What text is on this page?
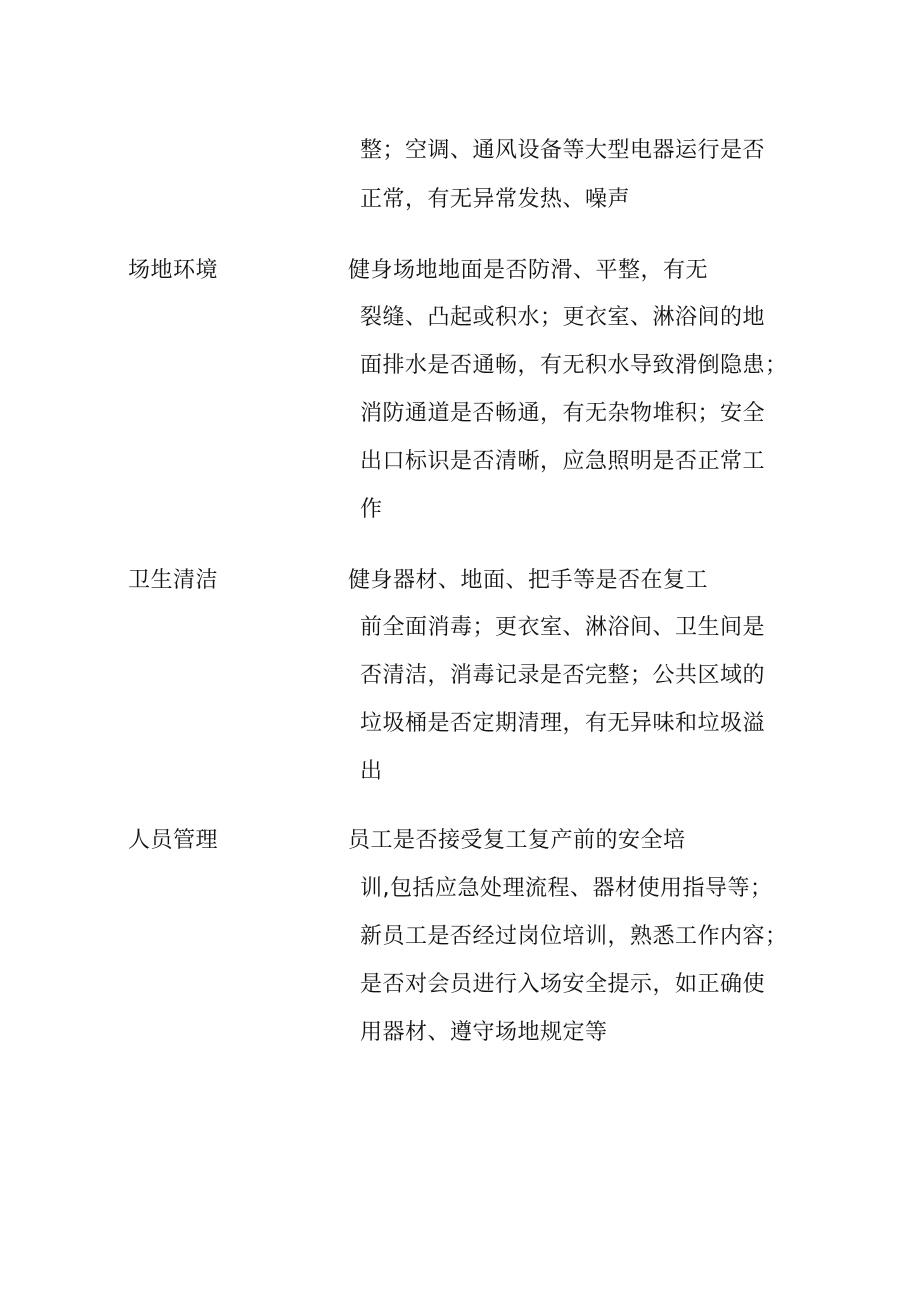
整；空调、通风设备等大型电器运行是否
正常，有无异常发热、噪声
场地环境	健身场地地面是否防滑、平整，有无
裂缝、凸起或积水；更衣室、淋浴间的地
面排水是否通畅，有无积水导致滑倒隐患；
消防通道是否畅通，有无杂物堆积；安全
出口标识是否清晰，应急照明是否正常工
作
卫生清洁	健身器材、地面、把手等是否在复工
前全面消毒；更衣室、淋浴间、卫生间是
否清洁，消毒记录是否完整；公共区域的
垃圾桶是否定期清理，有无异味和垃圾溢
出
人员管理	员工是否接受复工复产前的安全培
训,包括应急处理流程、器材使用指导等；
新员工是否经过岗位培训，熟悉工作内容；
是否对会员进行入场安全提示，如正确使
用器材、遵守场地规定等
